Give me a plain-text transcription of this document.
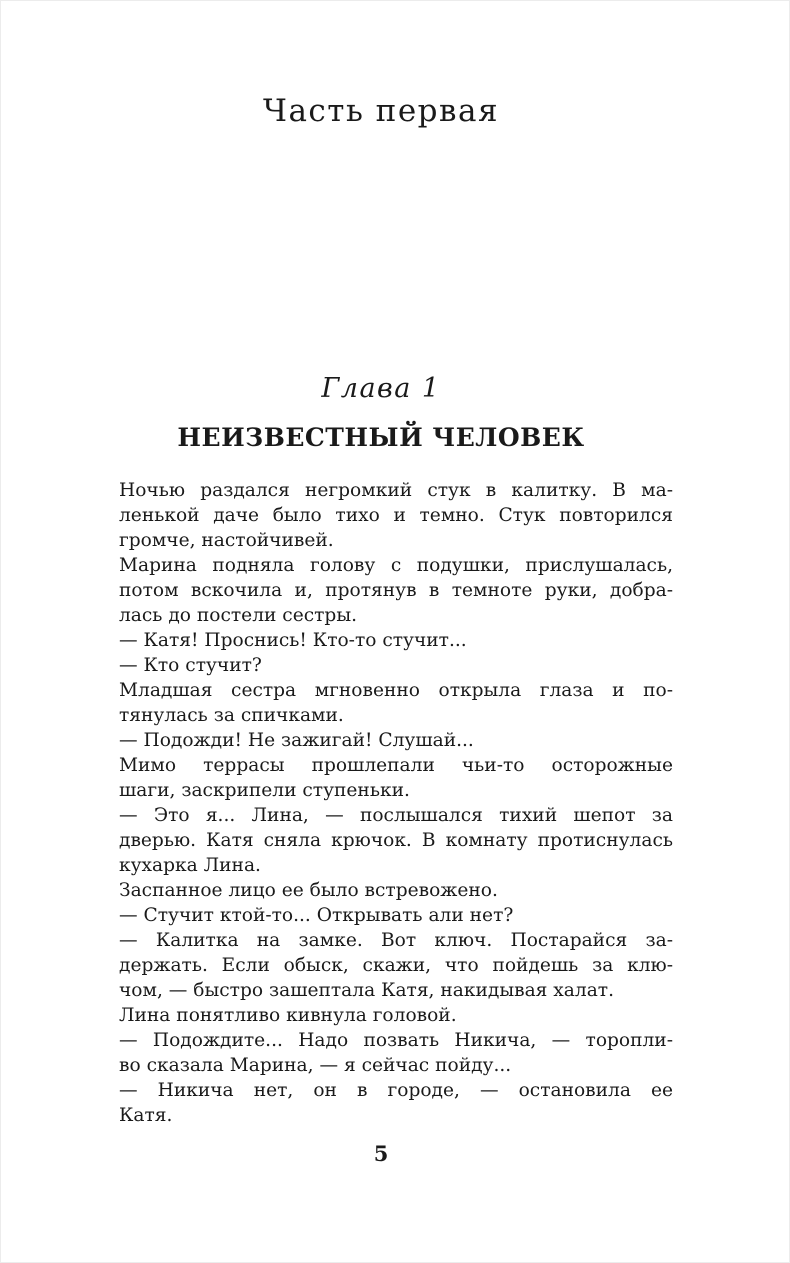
Часть первая
Глава 1
НЕИЗВЕСТНЫЙ ЧЕЛОВЕК
Ночью раздался негромкий стук в калитку. В ма-
ленькой даче было тихо и темно. Стук повторился
громче, настойчивей.
Марина подняла голову с подушки, прислушалась,
потом вскочила и, протянув в темноте руки, добра-
лась до постели сестры.
— Катя! Проснись! Кто-то стучит...
— Кто стучит?
Младшая сестра мгновенно открыла глаза и по-
тянулась за спичками.
— Подожди! Не зажигай! Слушай...
Мимо террасы прошлепали чьи-то осторожные
шаги, заскрипели ступеньки.
— Это я... Лина, — послышался тихий шепот за
дверью. Катя сняла крючок. В комнату протиснулась
кухарка Лина.
Заспанное лицо ее было встревожено.
— Стучит ктой-то... Открывать али нет?
— Калитка на замке. Вот ключ. Постарайся за-
держать. Если обыск, скажи, что пойдешь за клю-
чом, — быстро зашептала Катя, накидывая халат.
Лина понятливо кивнула головой.
— Подождите... Надо позвать Никича, — торопли-
во сказала Марина, — я сейчас пойду...
— Никича нет, он в городе, — остановила ее
Катя.
5
